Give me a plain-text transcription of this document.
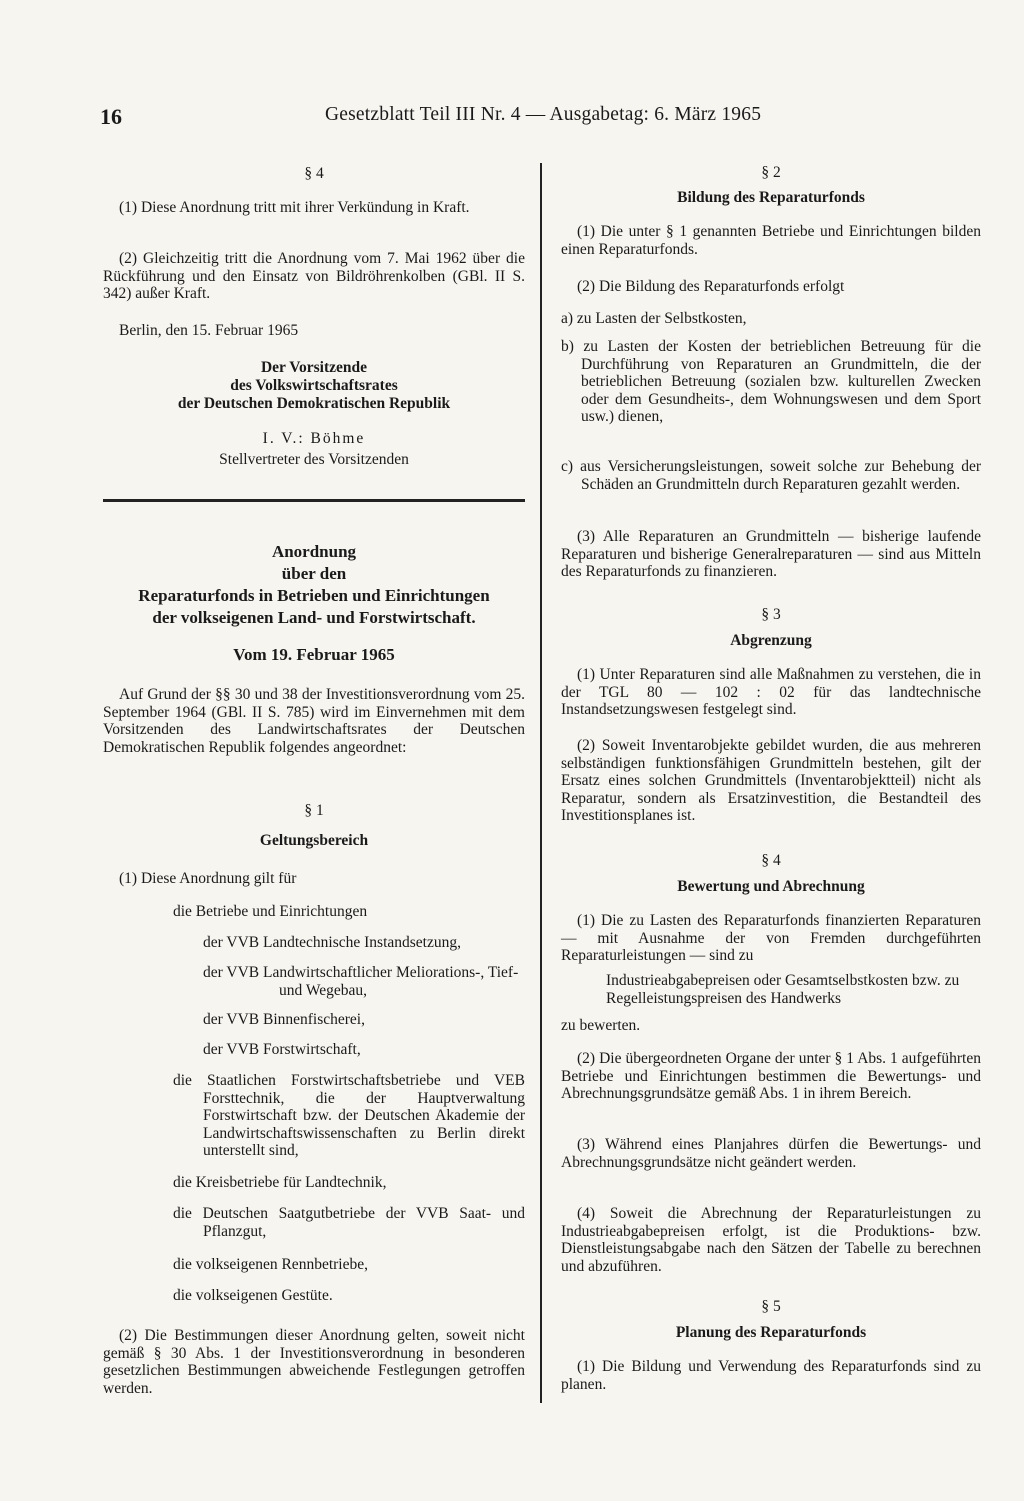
16	Gesetzblatt Teil III Nr. 4 — Ausgabetag: 6. März 1965

§ 4

(1) Diese Anordnung tritt mit ihrer Verkündung in Kraft.

(2) Gleichzeitig tritt die Anordnung vom 7. Mai 1962 über die Rückführung und den Einsatz von Bildröhrenkolben (GBl. II S. 342) außer Kraft.

Berlin, den 15. Februar 1965

Der Vorsitzende

des Volkswirtschaftsrates

der Deutschen Demokratischen Republik

I. V.: Böhme

Stellvertreter des Vorsitzenden

Anordnung

über den

Reparaturfonds in Betrieben und Einrichtungen

der volkseigenen Land- und Forstwirtschaft.

Vom 19. Februar 1965

Auf Grund der §§ 30 und 38 der Investitionsverordnung vom 25. September 1964 (GBl. II S. 785) wird im Einvernehmen mit dem Vorsitzenden des Landwirtschaftsrates der Deutschen Demokratischen Republik folgendes angeordnet:

§ 1

Geltungsbereich

(1) Diese Anordnung gilt für

die Betriebe und Einrichtungen

der VVB Landtechnische Instandsetzung,

der VVB Landwirtschaftlicher Meliorations-, Tief- und Wegebau,

der VVB Binnenfischerei,

der VVB Forstwirtschaft,

die Staatlichen Forstwirtschaftsbetriebe und VEB Forsttechnik, die der Hauptverwaltung Forstwirtschaft bzw. der Deutschen Akademie der Landwirtschaftswissenschaften zu Berlin direkt unterstellt sind,

die Kreisbetriebe für Landtechnik,

die Deutschen Saatgutbetriebe der VVB Saat- und Pflanzgut,

die volkseigenen Rennbetriebe,

die volkseigenen Gestüte.

(2) Die Bestimmungen dieser Anordnung gelten, soweit nicht gemäß § 30 Abs. 1 der Investitionsverordnung in besonderen gesetzlichen Bestimmungen abweichende Festlegungen getroffen werden.

§ 2

Bildung des Reparaturfonds

(1) Die unter § 1 genannten Betriebe und Einrichtungen bilden einen Reparaturfonds.

(2) Die Bildung des Reparaturfonds erfolgt

a) zu Lasten der Selbstkosten,

b) zu Lasten der Kosten der betrieblichen Betreuung für die Durchführung von Reparaturen an Grundmitteln, die der betrieblichen Betreuung (sozialen bzw. kulturellen Zwecken oder dem Gesundheits-, dem Wohnungswesen und dem Sport usw.) dienen,

c) aus Versicherungsleistungen, soweit solche zur Behebung der Schäden an Grundmitteln durch Reparaturen gezahlt werden.

(3) Alle Reparaturen an Grundmitteln — bisherige laufende Reparaturen und bisherige Generalreparaturen — sind aus Mitteln des Reparaturfonds zu finanzieren.

§ 3

Abgrenzung

(1) Unter Reparaturen sind alle Maßnahmen zu verstehen, die in der TGL 80 — 102 : 02 für das landtechnische Instandsetzungswesen festgelegt sind.

(2) Soweit Inventarobjekte gebildet wurden, die aus mehreren selbständigen funktionsfähigen Grundmitteln bestehen, gilt der Ersatz eines solchen Grundmittels (Inventarobjektteil) nicht als Reparatur, sondern als Ersatzinvestition, die Bestandteil des Investitionsplanes ist.

§ 4

Bewertung und Abrechnung

(1) Die zu Lasten des Reparaturfonds finanzierten Reparaturen — mit Ausnahme der von Fremden durchgeführten Reparaturleistungen — sind zu

Industrieabgabepreisen oder Gesamtselbstkosten bzw. zu Regelleistungspreisen des Handwerks

zu bewerten.

(2) Die übergeordneten Organe der unter § 1 Abs. 1 aufgeführten Betriebe und Einrichtungen bestimmen die Bewertungs- und Abrechnungsgrundsätze gemäß Abs. 1 in ihrem Bereich.

(3) Während eines Planjahres dürfen die Bewertungs- und Abrechnungsgrundsätze nicht geändert werden.

(4) Soweit die Abrechnung der Reparaturleistungen zu Industrieabgabepreisen erfolgt, ist die Produktions- bzw. Dienstleistungsabgabe nach den Sätzen der Tabelle zu berechnen und abzuführen.

§ 5

Planung des Reparaturfonds

(1) Die Bildung und Verwendung des Reparaturfonds sind zu planen.
